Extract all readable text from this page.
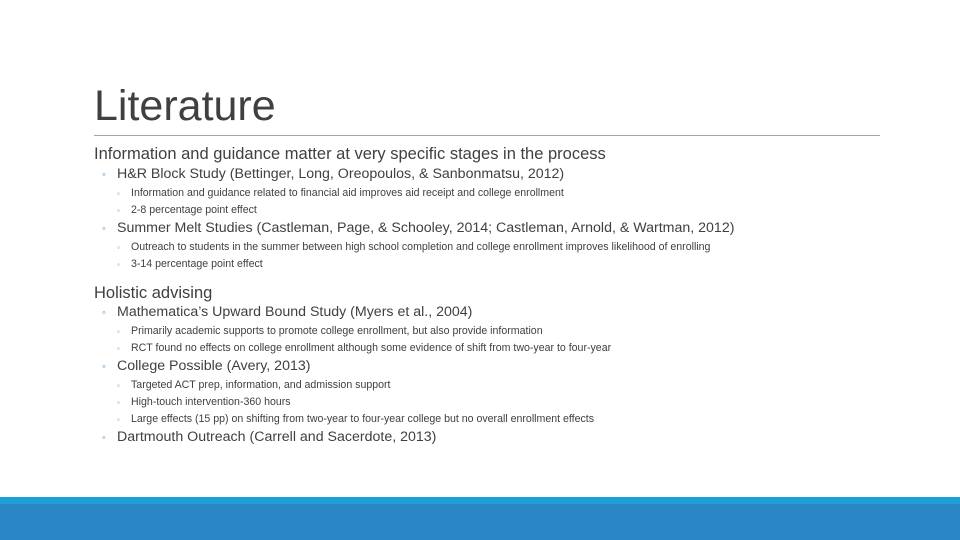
Literature
Information and guidance matter at very specific stages in the process
◦ H&R Block Study (Bettinger, Long, Oreopoulos, & Sanbonmatsu, 2012)
◦ Information and guidance related to financial aid improves aid receipt and college enrollment
◦ 2-8 percentage point effect
◦ Summer Melt Studies (Castleman, Page, & Schooley, 2014; Castleman, Arnold, & Wartman, 2012)
◦ Outreach to students in the summer between high school completion and college enrollment improves likelihood of enrolling
◦ 3-14 percentage point effect
Holistic advising
◦ Mathematica’s Upward Bound Study (Myers et al., 2004)
◦ Primarily academic supports to promote college enrollment, but also provide information
◦ RCT found no effects on college enrollment although some evidence of shift from two-year to four-year
◦ College Possible (Avery, 2013)
◦ Targeted ACT prep, information, and admission support
◦ High-touch intervention-360 hours
◦ Large effects (15 pp) on shifting from two-year to four-year college but no overall enrollment effects
◦ Dartmouth Outreach (Carrell and Sacerdote, 2013)
